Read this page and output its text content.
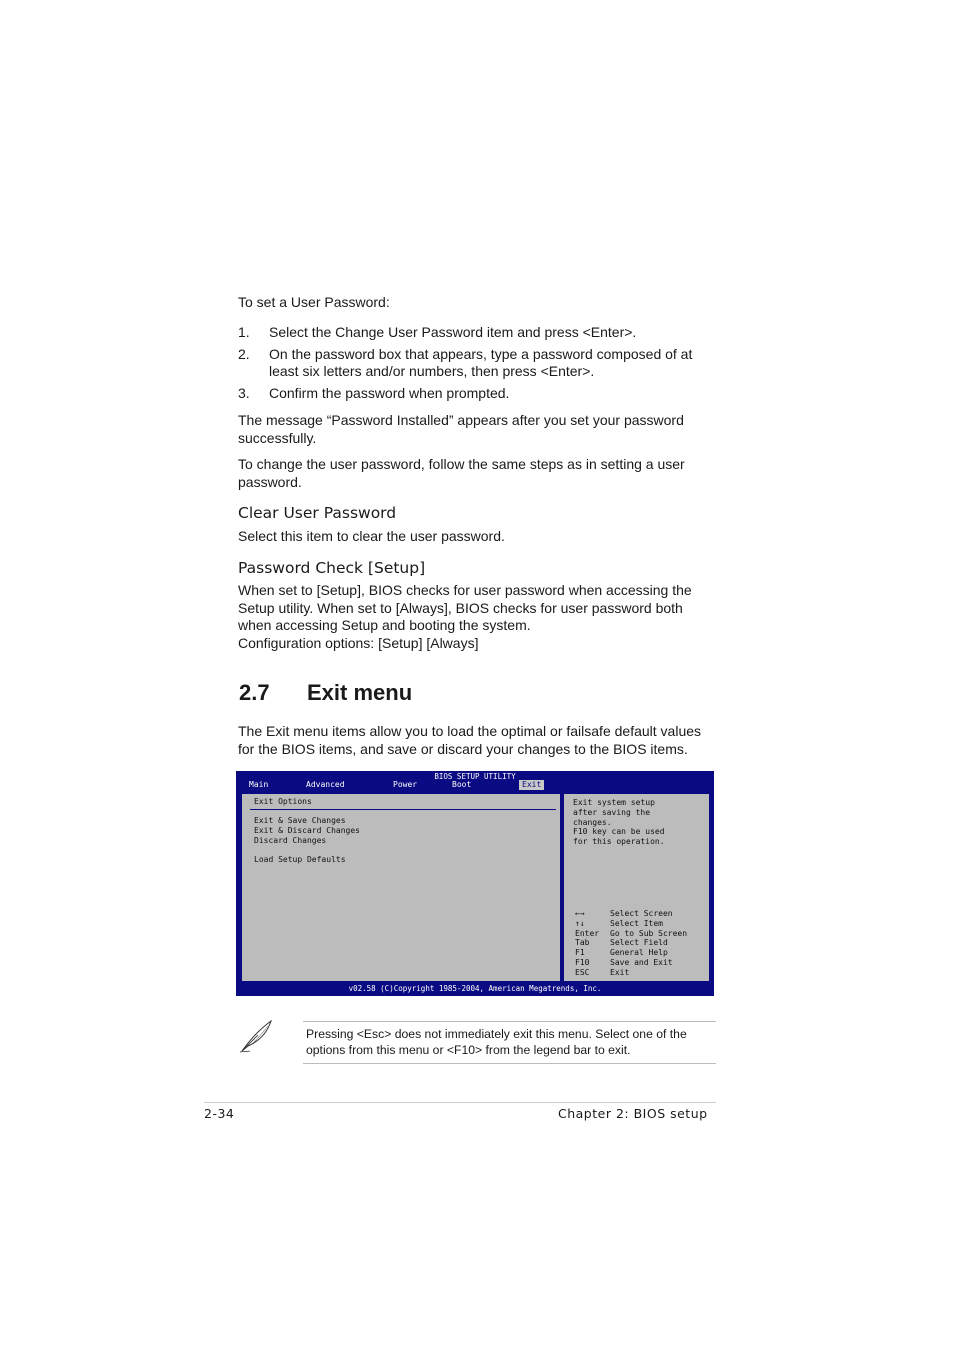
To set a User Password:

1.	Select the Change User Password item and press <Enter>.
2.	On the password box that appears, type a password composed of at
least six letters and/or numbers, then press <Enter>.
3.	Confirm the password when prompted.

The message “Password Installed” appears after you set your password
successfully.

To change the user password, follow the same steps as in setting a user
password.

Clear User Password

Select this item to clear the user password.

Password Check [Setup]

When set to [Setup], BIOS checks for user password when accessing the
Setup utility. When set to [Always], BIOS checks for user password both
when accessing Setup and booting the system.
Configuration options: [Setup] [Always]

2.7 Exit menu

The Exit menu items allow you to load the optimal or failsafe default values
for the BIOS items, and save or discard your changes to the BIOS items.

BIOS SETUP UTILITY
Main	Advanced	Power	Boot	Exit
Exit Options
Exit & Save Changes
Exit & Discard Changes
Discard Changes
Load Setup Defaults
Exit system setup
after saving the
changes.
F10 key can be used
for this operation.
←→	Select Screen
↑↓	Select Item
Enter	Go to Sub Screen
Tab	Select Field
F1	General Help
F10	Save and Exit
ESC	Exit
v02.58 (C)Copyright 1985-2004, American Megatrends, Inc.

Pressing <Esc> does not immediately exit this menu. Select one of the
options from this menu or <F10> from the legend bar to exit.

2-34	Chapter 2: BIOS setup
